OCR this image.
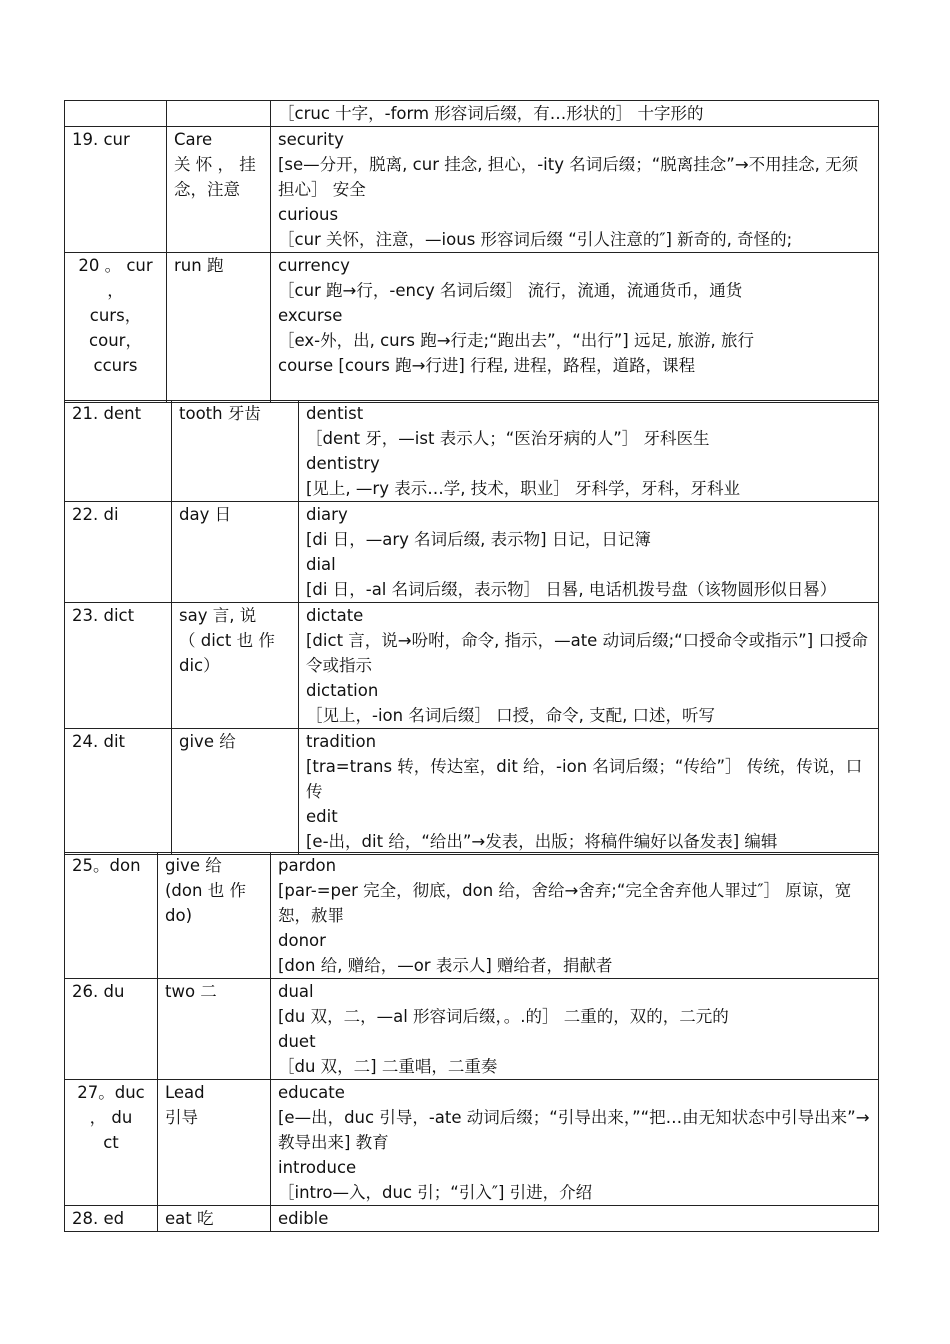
		［cruc 十字，-form 形容词后缀，有…形状的］ 十字形的

19. cur	Care
关 怀 ， 挂
念，注意	security
[se—分开，脱离, cur 挂念, 担心，-ity 名词后缀；“脱离挂念”→不用挂念, 无须担心］ 安全
curious
［cur 关怀，注意，—ious 形容词后缀 “引人注意的″] 新奇的, 奇怪的;

20 。 cur
，
curs，
cour，
ccurs	run 跑	currency
［cur 跑→行，-ency 名词后缀］ 流行，流通，流通货币，通货
excurse
［ex-外，出, curs 跑→行走;“跑出去”，“出行”] 远足, 旅游, 旅行
course [cours 跑→行进] 行程, 进程，路程，道路，课程
21. dent	tooth 牙齿	dentist
［dent 牙，—ist 表示人；“医治牙病的人”］ 牙科医生
dentistry
[见上, —ry 表示…学, 技术，职业］ 牙科学，牙科，牙科业

22. di	day 日	diary
[di 日，—ary 名词后缀, 表示物] 日记，日记簿
dial
[di 日，-al 名词后缀，表示物］ 日晷, 电话机拨号盘（该物圆形似日晷）

23. dict	say 言, 说
（ dict 也 作
dic）	dictate
[dict 言，说→吩咐，命令, 指示，—ate 动词后缀;“口授命令或指示”] 口授命令或指示
dictation
［见上，-ion 名词后缀］ 口授，命令, 支配, 口述，听写

24. dit	give 给	tradition
[tra=trans 转，传达室，dit 给，-ion 名词后缀；“传给”］ 传统，传说，口传
edit
[e-出，dit 给，“给出”→发表，出版；将稿件编好以备发表] 编辑
25。don	give 给
(don 也 作
do)	pardon
[par-=per 完全，彻底，don 给，舍给→舍弃;“完全舍弃他人罪过″］ 原谅，宽恕，赦罪
donor
[don 给, 赠给，—or 表示人] 赠给者，捐献者

26. du	two 二	dual
[du 双，二，—al 形容词后缀，。.的］ 二重的，双的，二元的
duet
［du 双，二] 二重唱，二重奏

27。duc
， du
ct	Lead
引导	educate
[e—出，duc 引导，-ate 动词后缀；“引导出来，”“把…由无知状态中引导出来”→教导出来] 教育
introduce
［intro—入，duc 引；“引入″] 引进，介绍

28. ed	eat 吃	edible
